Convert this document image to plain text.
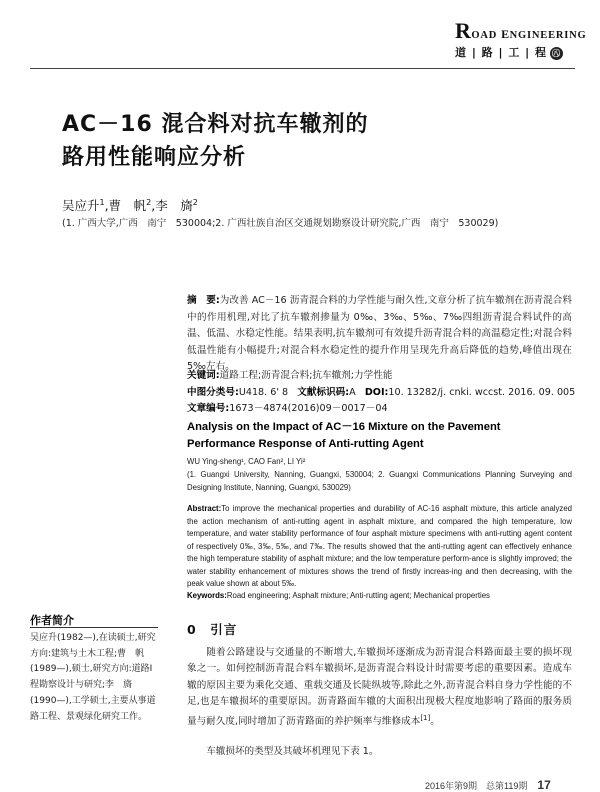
ROAD ENGINEERING
道 | 路 | 工 | 程 ㊇
AC－16 混合料对抗车辙剂的
路用性能响应分析
吴应升$^1$,曹　帆$^2$,李　旖$^2$
(1. 广西大学,广西　南宁　530004;2. 广西壮族自治区交通规划勘察设计研究院,广西　南宁　530029)
摘　要:为改善 AC－16 沥青混合料的力学性能与耐久性,文章分析了抗车辙剂在沥青混合料中的作用机理,对比了抗车辙剂掺量为 0‰、3‰、5‰、7‰四组沥青混合料试件的高温、低温、水稳定性能。结果表明,抗车辙剂可有效提升沥青混合料的高温稳定性;对混合料低温性能有小幅提升;对混合料水稳定性的提升作用呈现先升高后降低的趋势,峰值出现在 5‰左右。
关键词:道路工程;沥青混合料;抗车辙剂;力学性能
中图分类号:U418. 6' 8 文献标识码:A DOI:10. 13282/j. cnki. wccst. 2016. 09. 005
文章编号:1673－4874(2016)09－0017－04
Analysis on the Impact of AC－16 Mixture on the Pavement Performance Response of Anti-rutting Agent
WU Ying-sheng¹, CAO Fan², LI Yi²
(1. Guangxi University, Nanning, Guangxi, 530004; 2. Guangxi Communications Planning Surveying and Designing Institute, Nanning, Guangxi, 530029)
Abstract:To improve the mechanical properties and durability of AC-16 asphalt mixture, this article analyzed the action mechanism of anti-rutting agent in asphalt mixture, and compared the high temperature, low temperature, and water stability performance of four asphalt mixture specimens with anti-rutting agent content of respectively 0‰, 3‰, 5‰, and 7‰. The results showed that the anti-rutting agent can effectively enhance the high temperature stability of asphalt mixture; and the low temperature perform-ance is slightly improved; the water stability enhancement of mixtures shows the trend of firstly increas-ing and then decreasing, with the peak value shown at about 5‰.
Keywords:Road engineering; Asphalt mixture; Anti-rutting agent; Mechanical properties
作者简介
吴应升(1982—),在读硕士,研究方向:建筑与土木工程;曹　帆(1989—),硕士,研究方向:道路Ⅰ程勘察设计与研究;李　旖(1990—),工学硕士,主要从事道路工程、景观绿化研究工作。
0　引言
随着公路建设与交通量的不断增大,车辙损坏逐渐成为沥青混合料路面最主要的损坏现象之一。如何控制沥青混合料车辙损坏,是沥青混合料设计时需要考虑的重要因素。造成车辙的原因主要为乘化交通、重载交通及长陡纵坡等,除此之外,沥青混合料自身力学性能的不足,也是车辙损坏的重要原因。沥青路面车辙的大面积出现极大程度地影响了路面的服务质量与耐久度,同时增加了沥青路面的养护频率与维修成本[1]。
车辙损坏的类型及其破坏机理见下表 1。
2016年第9期　总第119期 17
